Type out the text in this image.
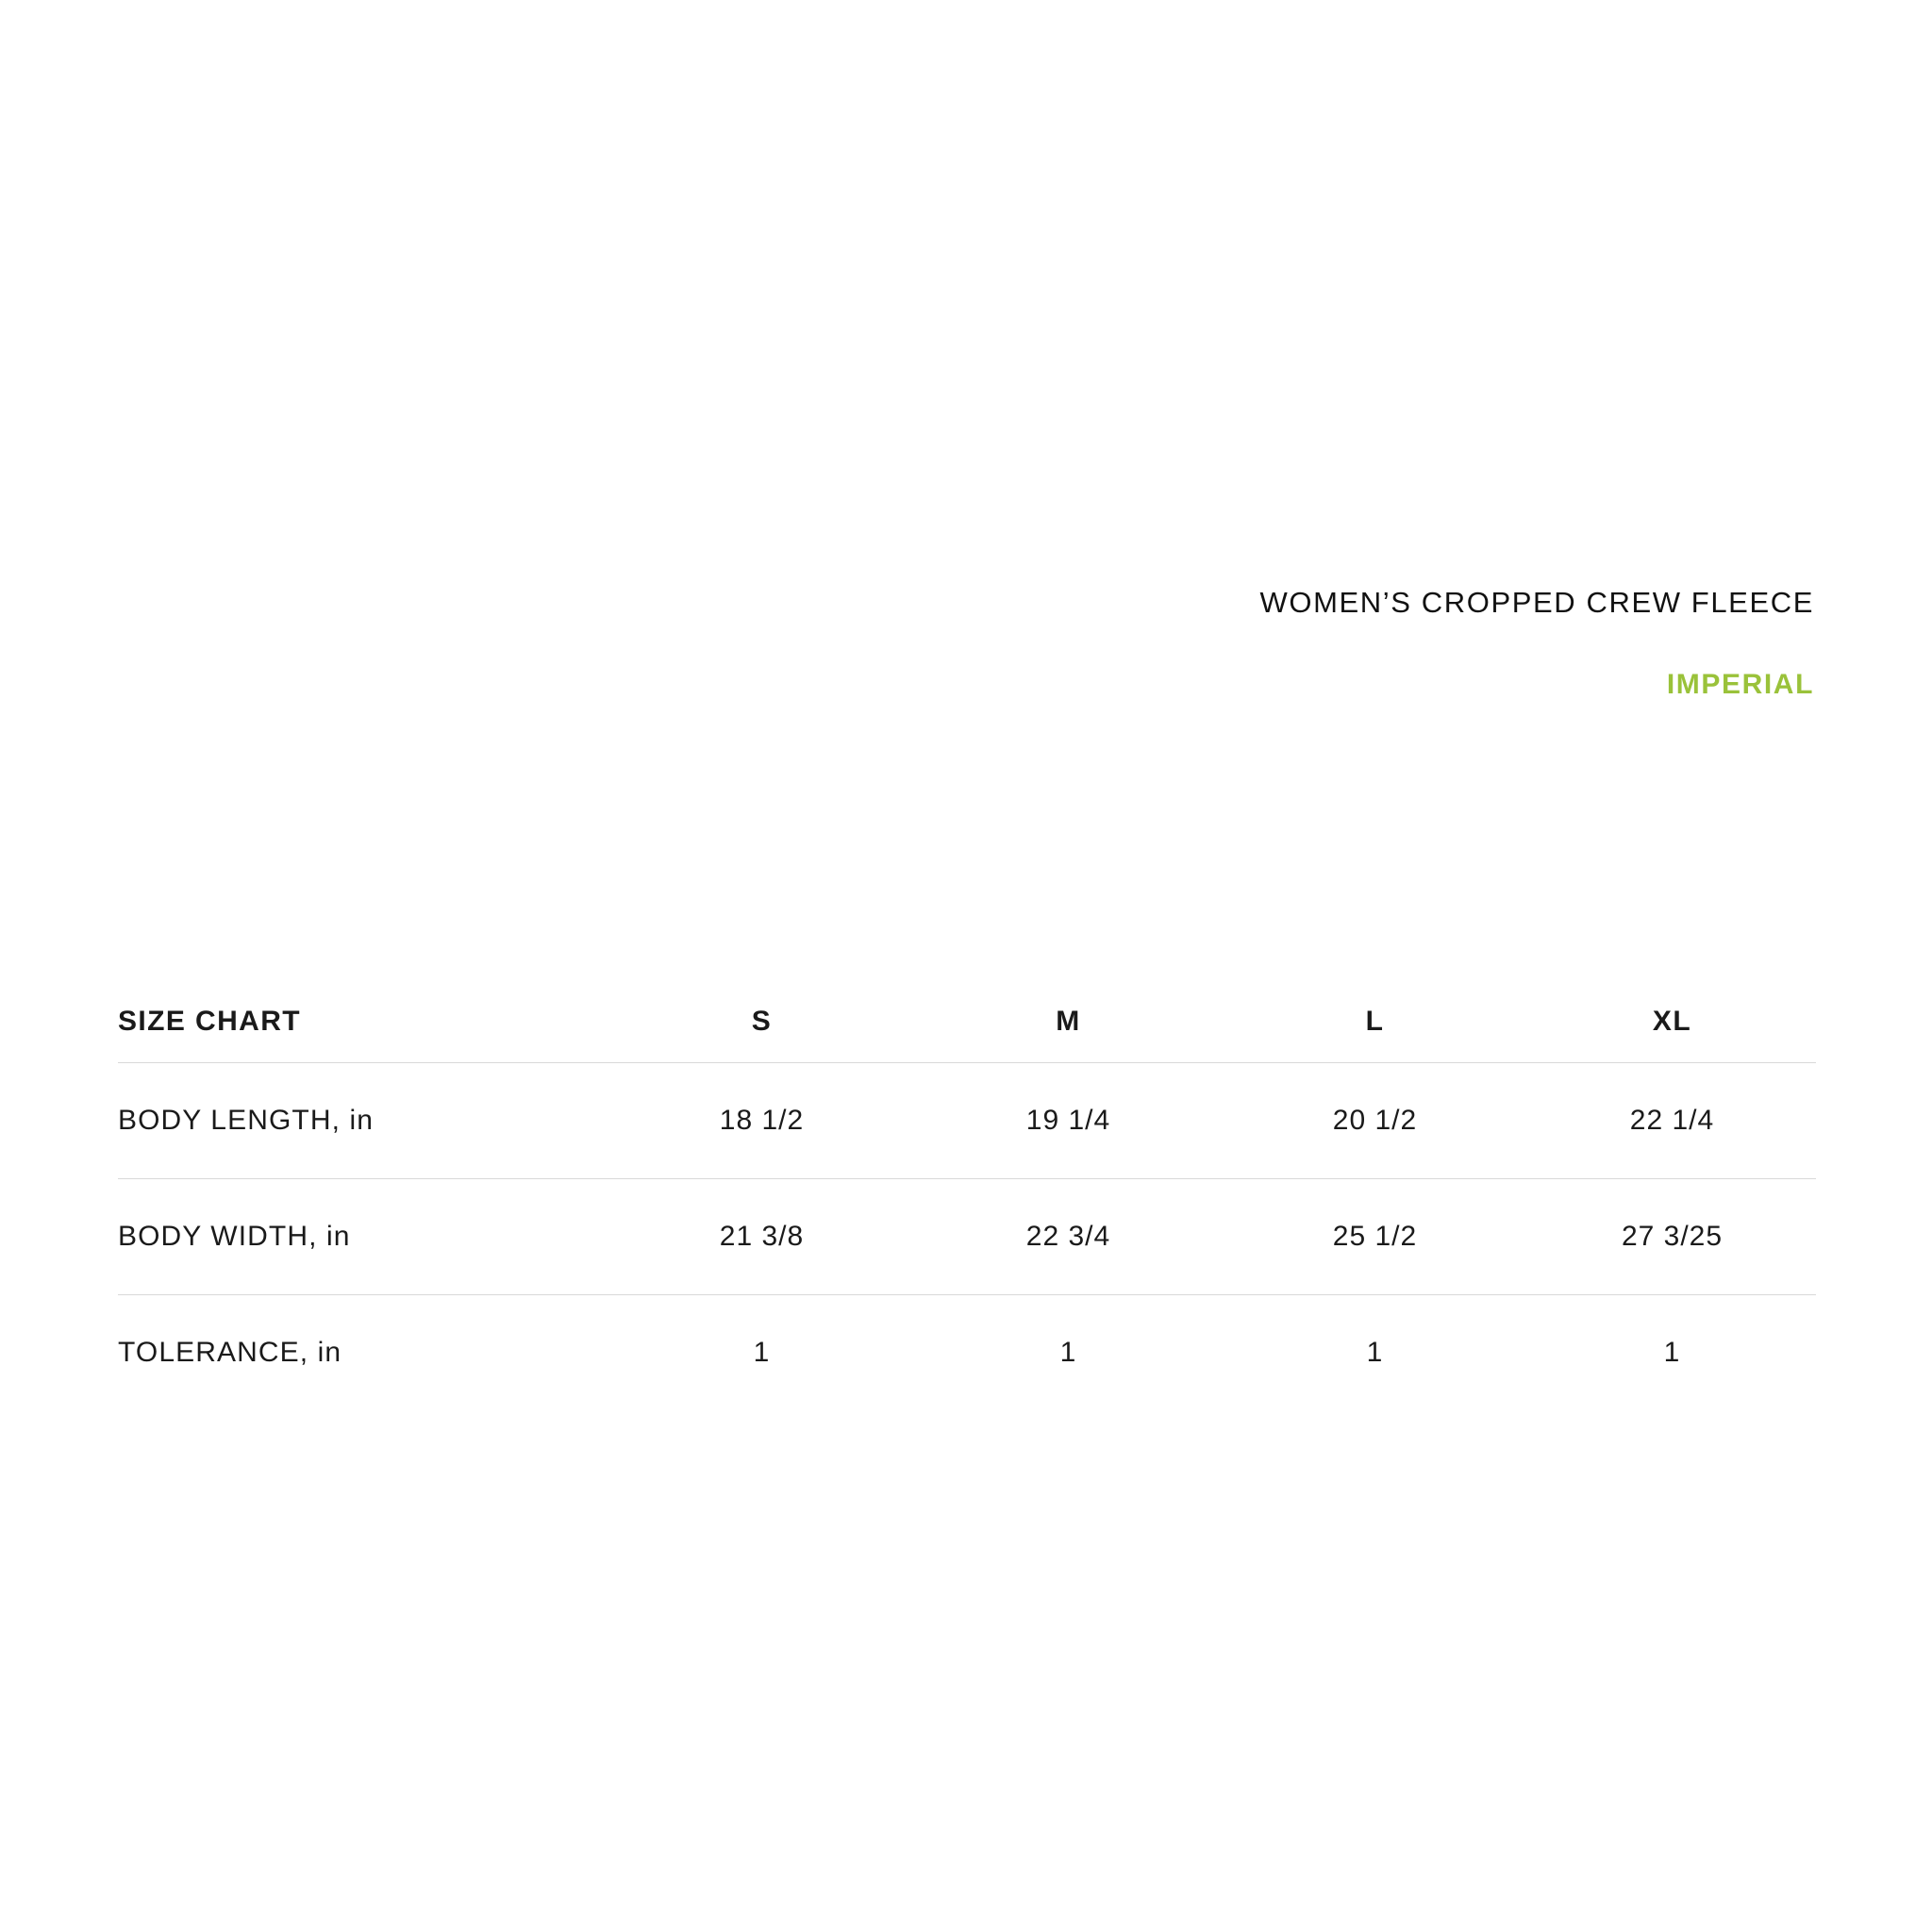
WOMEN’S CROPPED CREW FLEECE
IMPERIAL
SIZE CHART	S	M	L	XL
BODY LENGTH, in	18 1/2	19 1/4	20 1/2	22 1/4
BODY WIDTH, in	21 3/8	22 3/4	25 1/2	27 3/25
TOLERANCE, in	1	1	1	1
